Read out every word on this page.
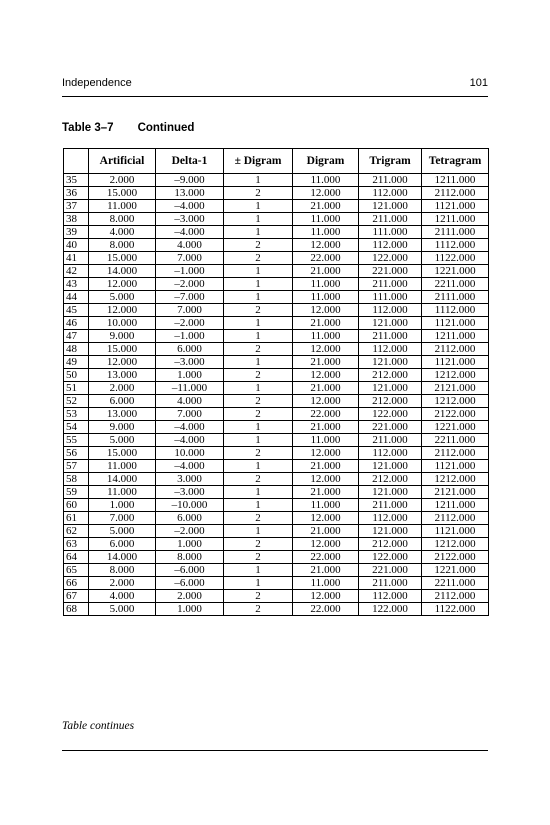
Independence	101
Table 3–7 Continued
	Artificial	Delta-1	± Digram	Digram	Trigram	Tetragram
35	2.000	–9.000	1	11.000	211.000	1211.000
36	15.000	13.000	2	12.000	112.000	2112.000
37	11.000	–4.000	1	21.000	121.000	1121.000
38	8.000	–3.000	1	11.000	211.000	1211.000
39	4.000	–4.000	1	11.000	111.000	2111.000
40	8.000	4.000	2	12.000	112.000	1112.000
41	15.000	7.000	2	22.000	122.000	1122.000
42	14.000	–1.000	1	21.000	221.000	1221.000
43	12.000	–2.000	1	11.000	211.000	2211.000
44	5.000	–7.000	1	11.000	111.000	2111.000
45	12.000	7.000	2	12.000	112.000	1112.000
46	10.000	–2.000	1	21.000	121.000	1121.000
47	9.000	–1.000	1	11.000	211.000	1211.000
48	15.000	6.000	2	12.000	112.000	2112.000
49	12.000	–3.000	1	21.000	121.000	1121.000
50	13.000	1.000	2	12.000	212.000	1212.000
51	2.000	–11.000	1	21.000	121.000	2121.000
52	6.000	4.000	2	12.000	212.000	1212.000
53	13.000	7.000	2	22.000	122.000	2122.000
54	9.000	–4.000	1	21.000	221.000	1221.000
55	5.000	–4.000	1	11.000	211.000	2211.000
56	15.000	10.000	2	12.000	112.000	2112.000
57	11.000	–4.000	1	21.000	121.000	1121.000
58	14.000	3.000	2	12.000	212.000	1212.000
59	11.000	–3.000	1	21.000	121.000	2121.000
60	1.000	–10.000	1	11.000	211.000	1211.000
61	7.000	6.000	2	12.000	112.000	2112.000
62	5.000	–2.000	1	21.000	121.000	1121.000
63	6.000	1.000	2	12.000	212.000	1212.000
64	14.000	8.000	2	22.000	122.000	2122.000
65	8.000	–6.000	1	21.000	221.000	1221.000
66	2.000	–6.000	1	11.000	211.000	2211.000
67	4.000	2.000	2	12.000	112.000	2112.000
68	5.000	1.000	2	22.000	122.000	1122.000
Table continues
